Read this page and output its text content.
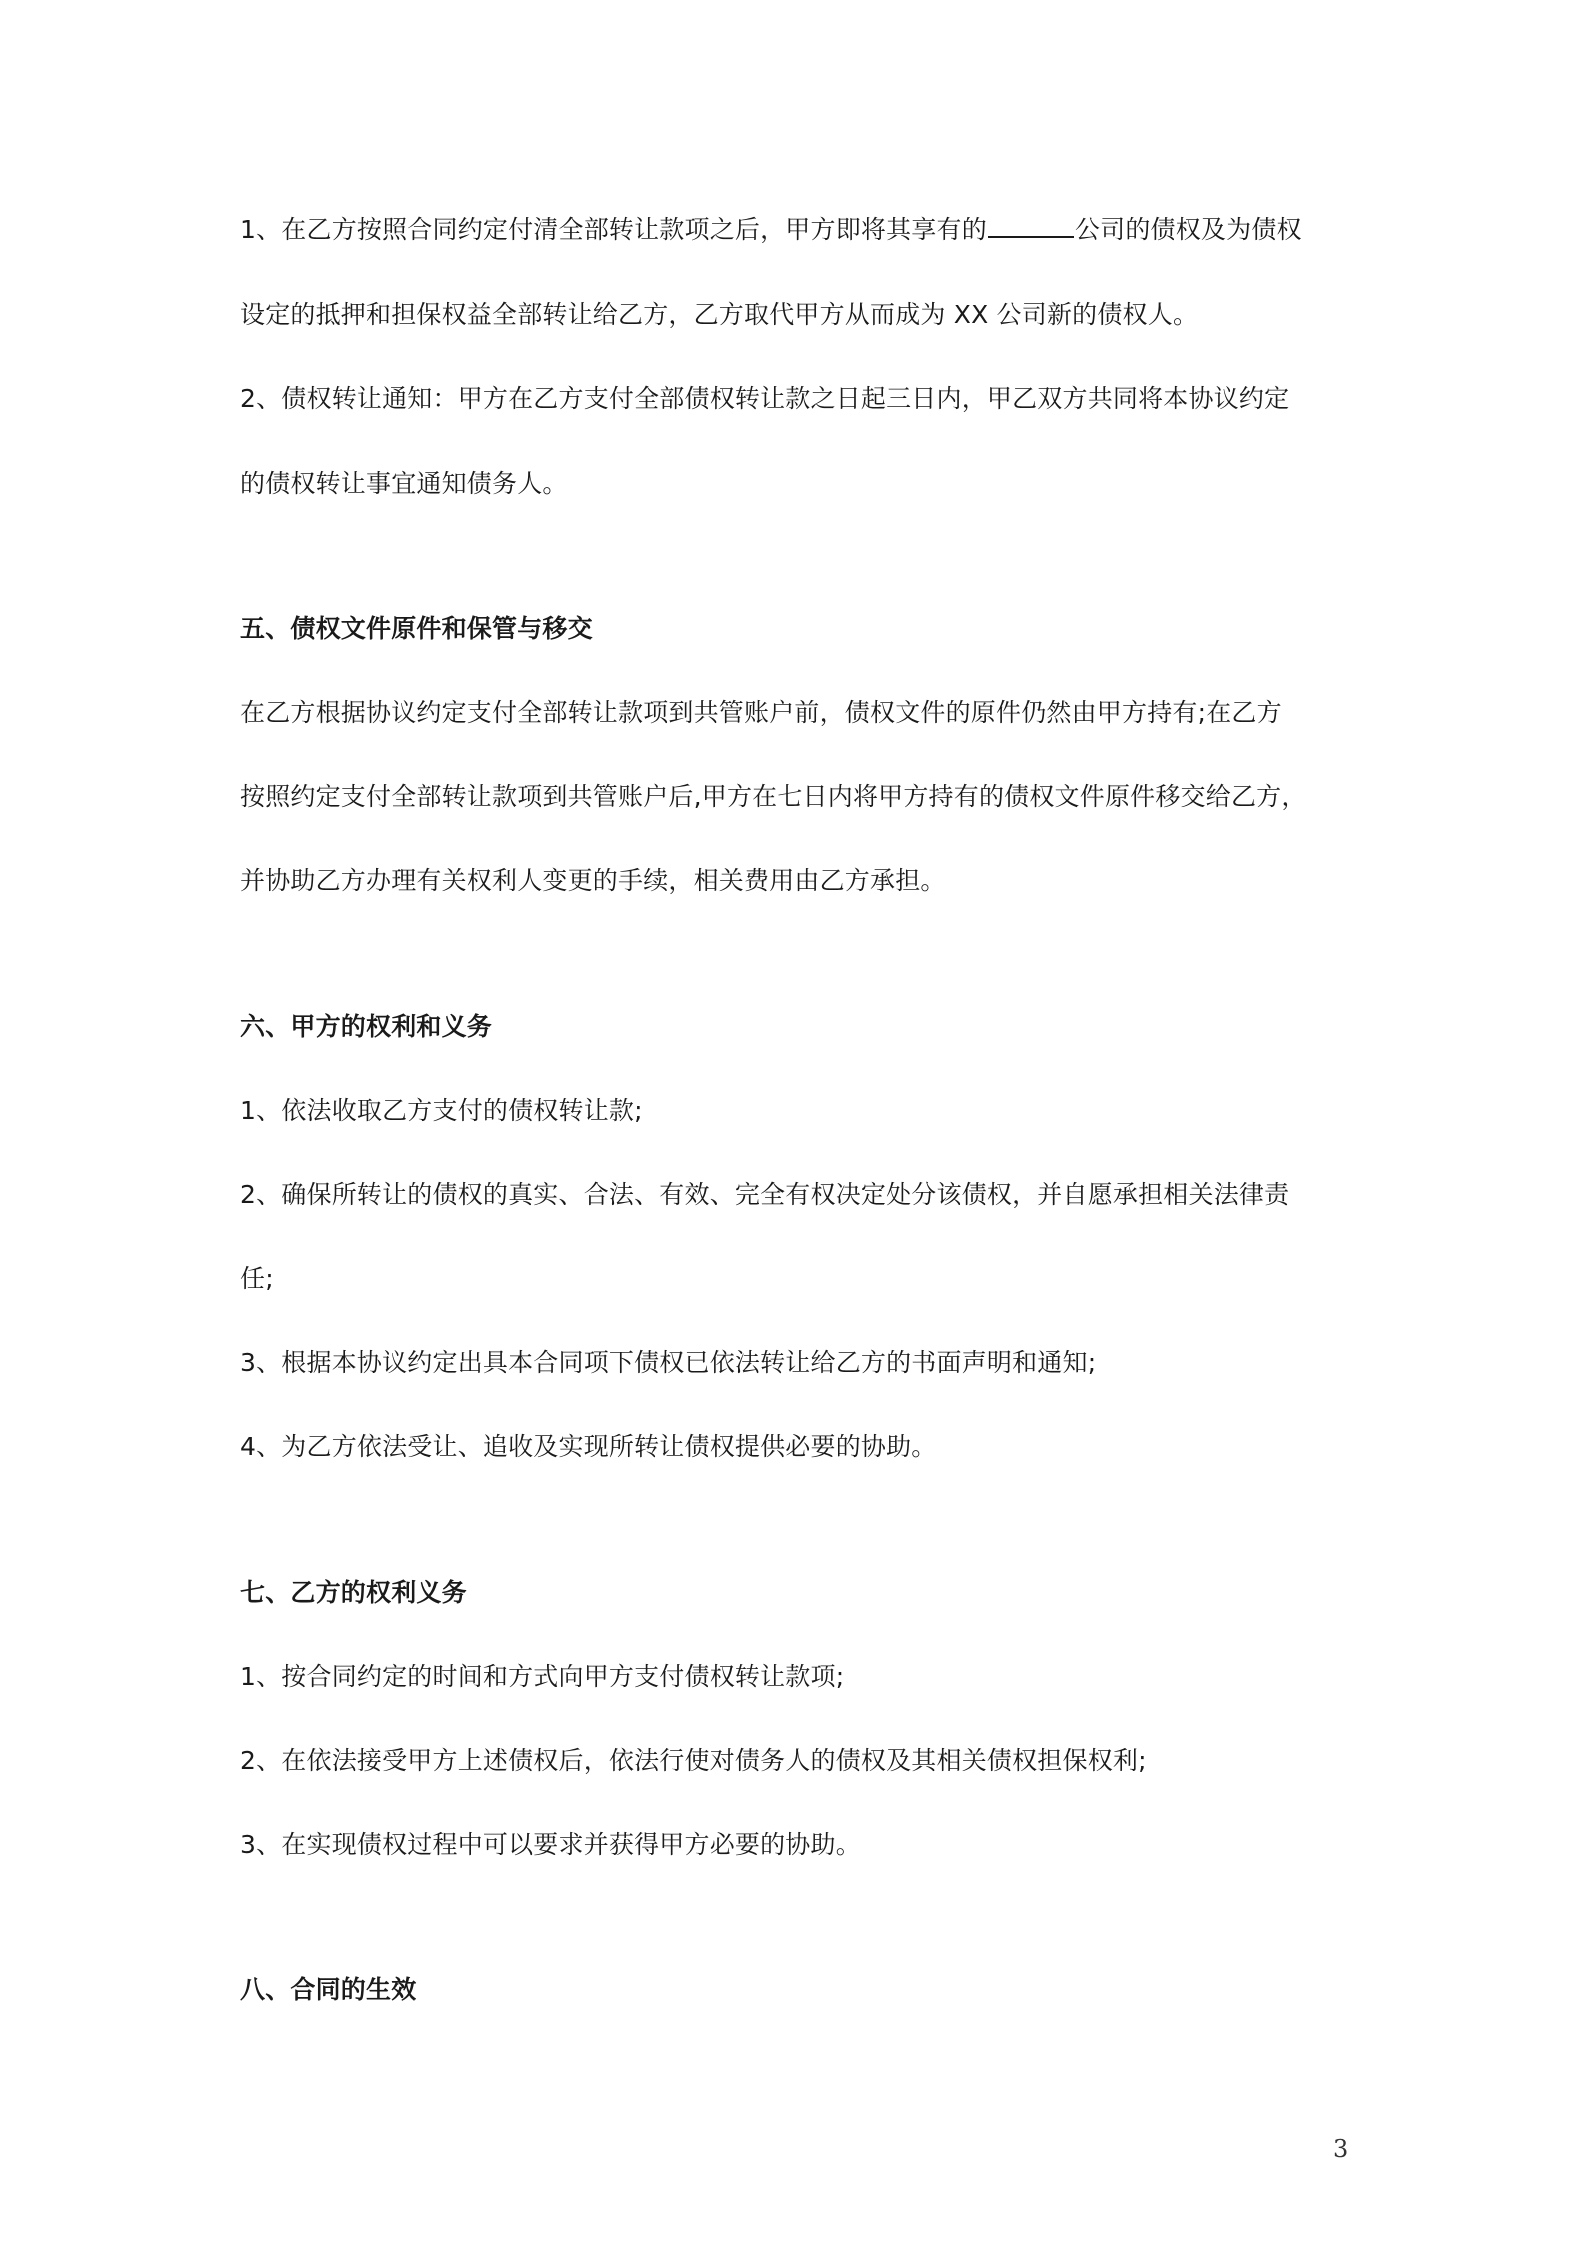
1、在乙方按照合同约定付清全部转让款项之后，甲方即将其享有的	公司的债权及为债权
设定的抵押和担保权益全部转让给乙方，乙方取代甲方从而成为 XX 公司新的债权人。
2、债权转让通知：甲方在乙方支付全部债权转让款之日起三日内，甲乙双方共同将本协议约定
的债权转让事宜通知债务人。
五、债权文件原件和保管与移交
在乙方根据协议约定支付全部转让款项到共管账户前，债权文件的原件仍然由甲方持有;在乙方
按照约定支付全部转让款项到共管账户后,甲方在七日内将甲方持有的债权文件原件移交给乙方，
并协助乙方办理有关权利人变更的手续，相关费用由乙方承担。
六、甲方的权利和义务
1、依法收取乙方支付的债权转让款;
2、确保所转让的债权的真实、合法、有效、完全有权决定处分该债权，并自愿承担相关法律责
任;
3、根据本协议约定出具本合同项下债权已依法转让给乙方的书面声明和通知;
4、为乙方依法受让、追收及实现所转让债权提供必要的协助。
七、乙方的权利义务
1、按合同约定的时间和方式向甲方支付债权转让款项;
2、在依法接受甲方上述债权后，依法行使对债务人的债权及其相关债权担保权利;
3、在实现债权过程中可以要求并获得甲方必要的协助。
八、合同的生效
3
